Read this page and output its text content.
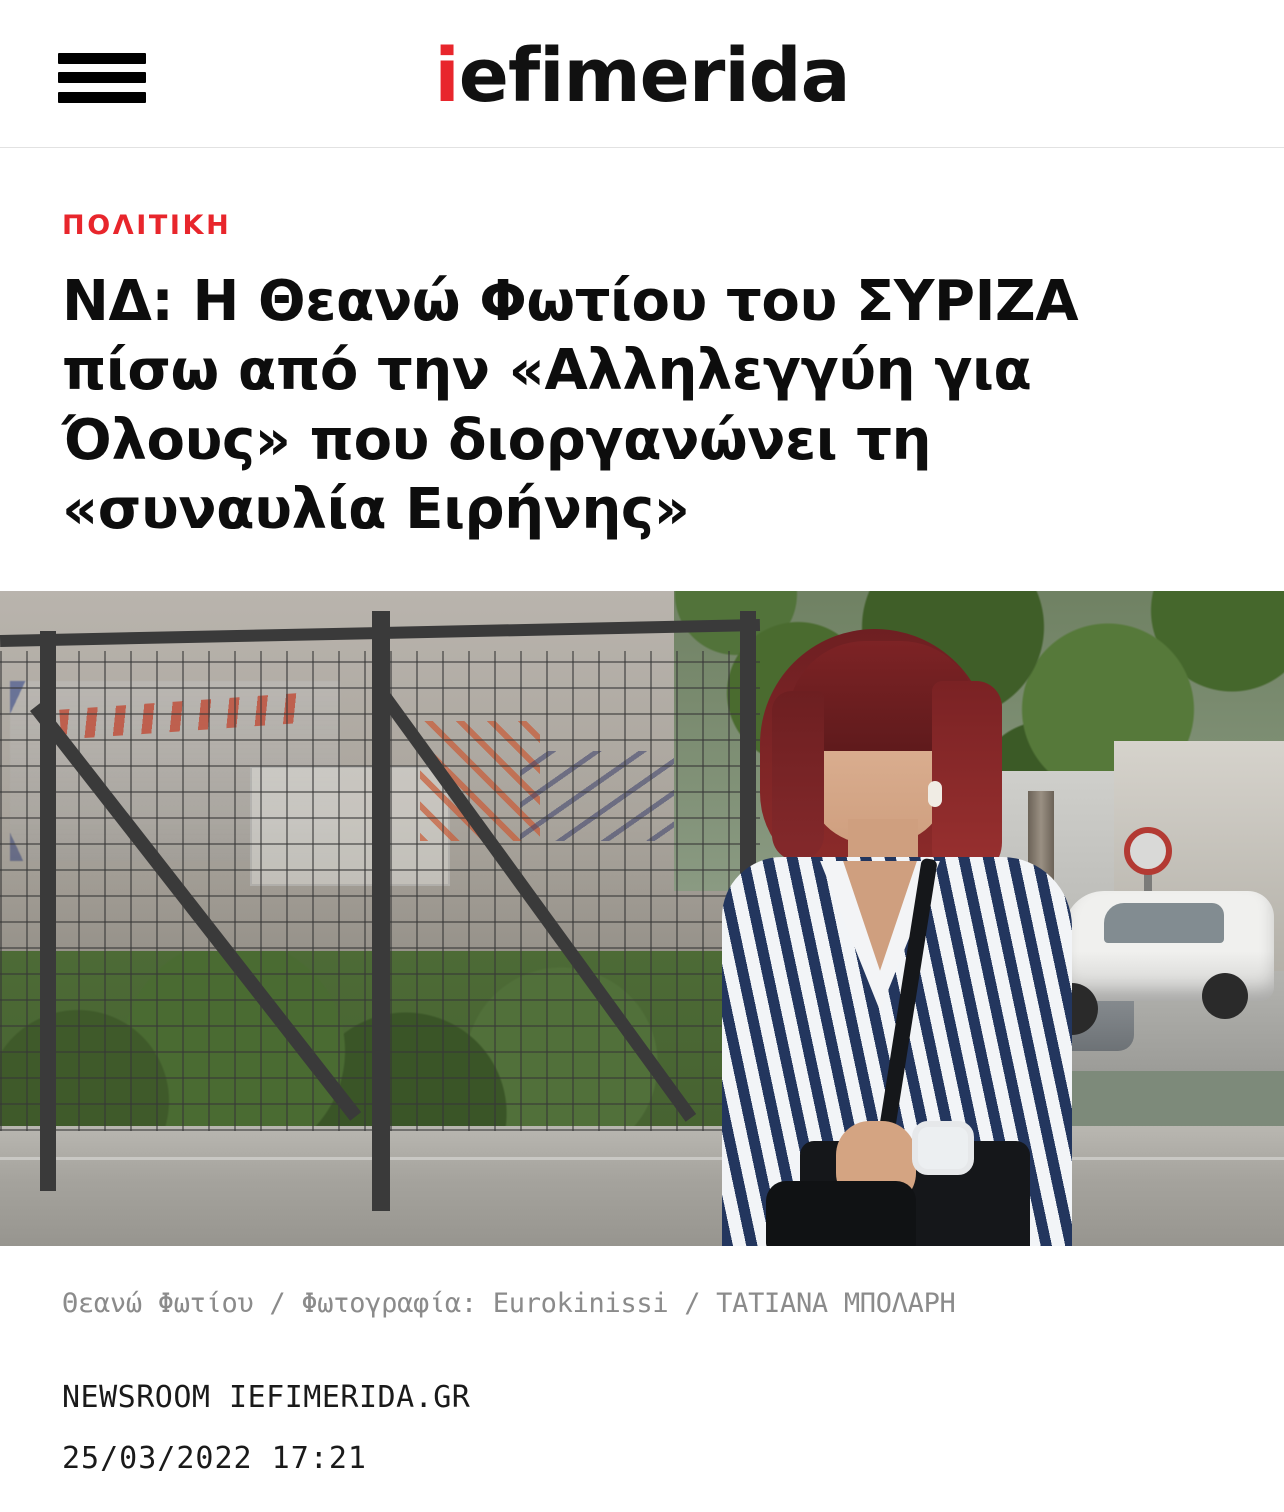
iefimerida
ΠΟΛΙΤΙΚΗ
ΝΔ: Η Θεανώ Φωτίου του ΣΥΡΙΖΑ πίσω από την «Αλληλεγγύη για Όλους» που διοργανώνει τη «συναυλία Ειρήνης»
Θεανώ Φωτίου / Φωτογραφία: Eurokinissi / ΤΑΤΙΑΝΑ ΜΠΟΛΑΡΗ
NEWSROOM IEFIMERIDA.GR
25/03/2022 17:21
